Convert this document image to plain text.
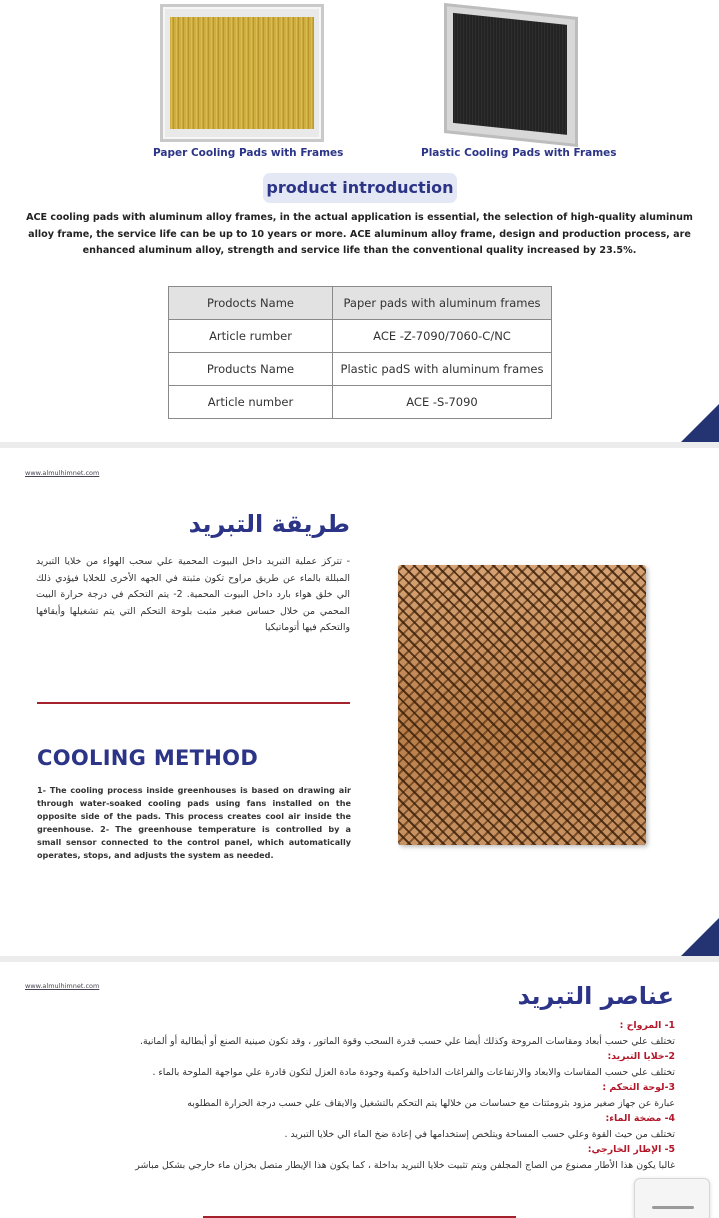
Paper Cooling Pads with Frames	Plastic Cooling Pads with Frames
product introduction
ACE cooling pads with aluminum alloy frames, in the actual application is essential, the selection of high-quality aluminum alloy frame, the service life can be up to 10 years or more. ACE aluminum alloy frame, design and production process, are enhanced aluminum alloy, strength and service life than the conventional quality increased by 23.5%.
Prodocts Name	Paper pads with aluminum frames
Article rumber	ACE -Z-7090/7060-C/NC
Products Name	Plastic padS with aluminum frames
Article number	ACE -S-7090
www.almulhimnet.com
طريقة التبريد
- تتركز عملية التبريد داخل البيوت المحمية علي سحب الهواء من خلايا التبريد المبللة بالماء عن طريق مراوح تكون مثبتة في الجهه الأخرى للخلايا فيؤدي ذلك الي خلق هواء بارد داخل البيوت المحمية. 2- يتم التحكم في درجة حرارة البيت المحمي من خلال حساس صغير مثبت بلوحة التحكم التي يتم تشغيلها وأيقافها والتحكم فيها أتوماتيكيا
COOLING METHOD
1- The cooling process inside greenhouses is based on drawing air through water-soaked cooling pads using fans installed on the opposite side of the pads. This process creates cool air inside the greenhouse. 2- The greenhouse temperature is controlled by a small sensor connected to the control panel, which automatically operates, stops, and adjusts the system as needed.
www.almulhimnet.com	عناصر التبريد
1- المرواح :
تختلف علي حسب أبعاد ومقاسات المروحة وكذلك أيضا علي حسب قدرة السحب وقوة الماتور ، وقد تكون صينية الصنع أو أيطالية أو ألمانية.
2-خلايا التبريد:
تختلف علي حسب المقاسات والابعاد والارتفاعات والفراغات الداخلية وكمية وجودة مادة العزل لتكون قادرة علي مواجهة الملوحة بالماء .
3-لوحة التحكم :
عبارة عن جهاز صغير مزود بثرومثتات مع حساسات من خلالها يتم التحكم بالتشغيل والايقاف علي حسب درجة الحرارة المطلوبه
4- مضخة الماء:
تختلف من حيث القوة وعلي حسب المساحة ويتلخص إستخدامها في إعادة ضخ الماء الي خلايا التبريد .
5- الإطار الخارجي:
غالبا يكون هذا الأطار مصنوع من الصاج المجلفن ويتم تثبيت خلايا التبريد بداخلة ، كما يكون هذا الإيطار متصل بخزان ماء خارجي بشكل مباشر
